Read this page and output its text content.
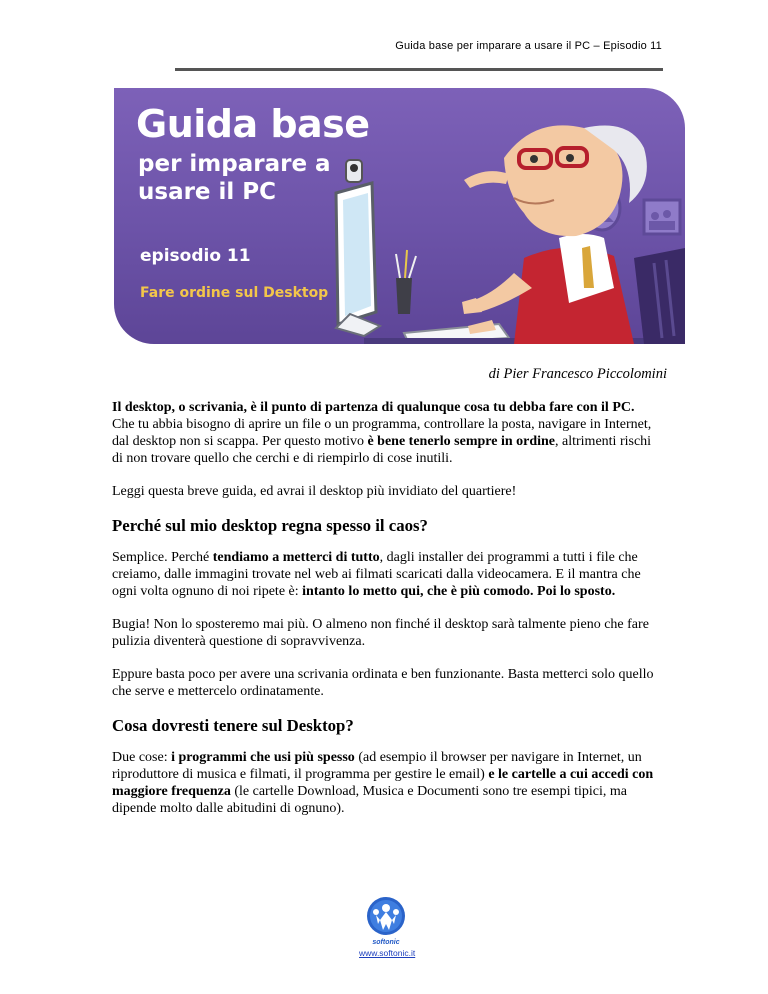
Guida base per imparare a usare il PC – Episodio 11
Guida base
per imparare a usare il PC
episodio 11
Fare ordine sul Desktop
di Pier Francesco Piccolomini

Il desktop, o scrivania, è il punto di partenza di qualunque cosa tu debba fare con il PC. Che tu abbia bisogno di aprire un file o un programma, controllare la posta, navigare in Internet, dal desktop non si scappa. Per questo motivo è bene tenerlo sempre in ordine, altrimenti rischi di non trovare quello che cerchi e di riempirlo di cose inutili.

Leggi questa breve guida, ed avrai il desktop più invidiato del quartiere!

Perché sul mio desktop regna spesso il caos?

Semplice. Perché tendiamo a metterci di tutto, dagli installer dei programmi a tutti i file che creiamo, dalle immagini trovate nel web ai filmati scaricati dalla videocamera. E il mantra che ogni volta ognuno di noi ripete è: intanto lo metto qui, che è più comodo. Poi lo sposto.

Bugia! Non lo sposteremo mai più. O almeno non finché il desktop sarà talmente pieno che fare pulizia diventerà questione di sopravvivenza.

Eppure basta poco per avere una scrivania ordinata e ben funzionante. Basta metterci solo quello che serve e mettercelo ordinatamente.

Cosa dovresti tenere sul Desktop?

Due cose: i programmi che usi più spesso (ad esempio il browser per navigare in Internet, un riproduttore di musica e filmati, il programma per gestire le email) e le cartelle a cui accedi con maggiore frequenza (le cartelle Download, Musica e Documenti sono tre esempi tipici, ma dipende molto dalle abitudini di ognuno).

softonic
www.softonic.it
